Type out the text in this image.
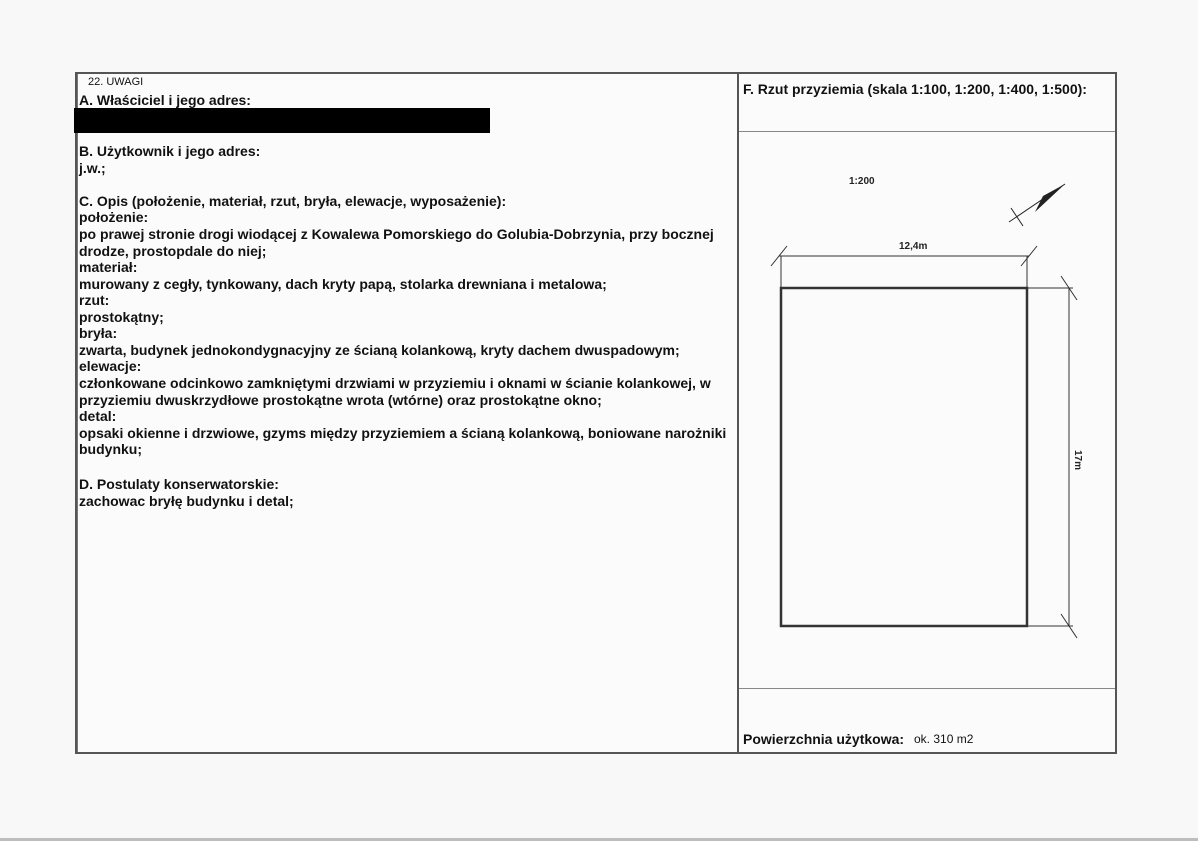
22. UWAGI
A. Właściciel i jego adres:
B. Użytkownik i jego adres:
j.w.;
C. Opis (położenie, materiał, rzut, bryła, elewacje, wyposażenie):
położenie:
po prawej stronie drogi wiodącej z Kowalewa Pomorskiego do Golubia-Dobrzynia, przy bocznej
drodze, prostopdale do niej;
materiał:
murowany z cegły, tynkowany, dach kryty papą, stolarka drewniana i metalowa;
rzut:
prostokątny;
bryła:
zwarta, budynek jednokondygnacyjny ze ścianą kolankową, kryty dachem dwuspadowym;
elewacje:
członkowane odcinkowo zamkniętymi drzwiami w przyziemiu i oknami w ścianie kolankowej, w
przyziemiu dwuskrzydłowe prostokątne wrota (wtórne) oraz prostokątne okno;
detal:
opsaki okienne i drzwiowe, gzyms między przyziemiem a ścianą kolankową, boniowane narożniki
budynku;
D. Postulaty konserwatorskie:
zachowac bryłę budynku i detal;
F. Rzut przyziemia (skala 1:100, 1:200, 1:400, 1:500):
1:200
12,4m
17m
Powierzchnia użytkowa: ok. 310 m2
